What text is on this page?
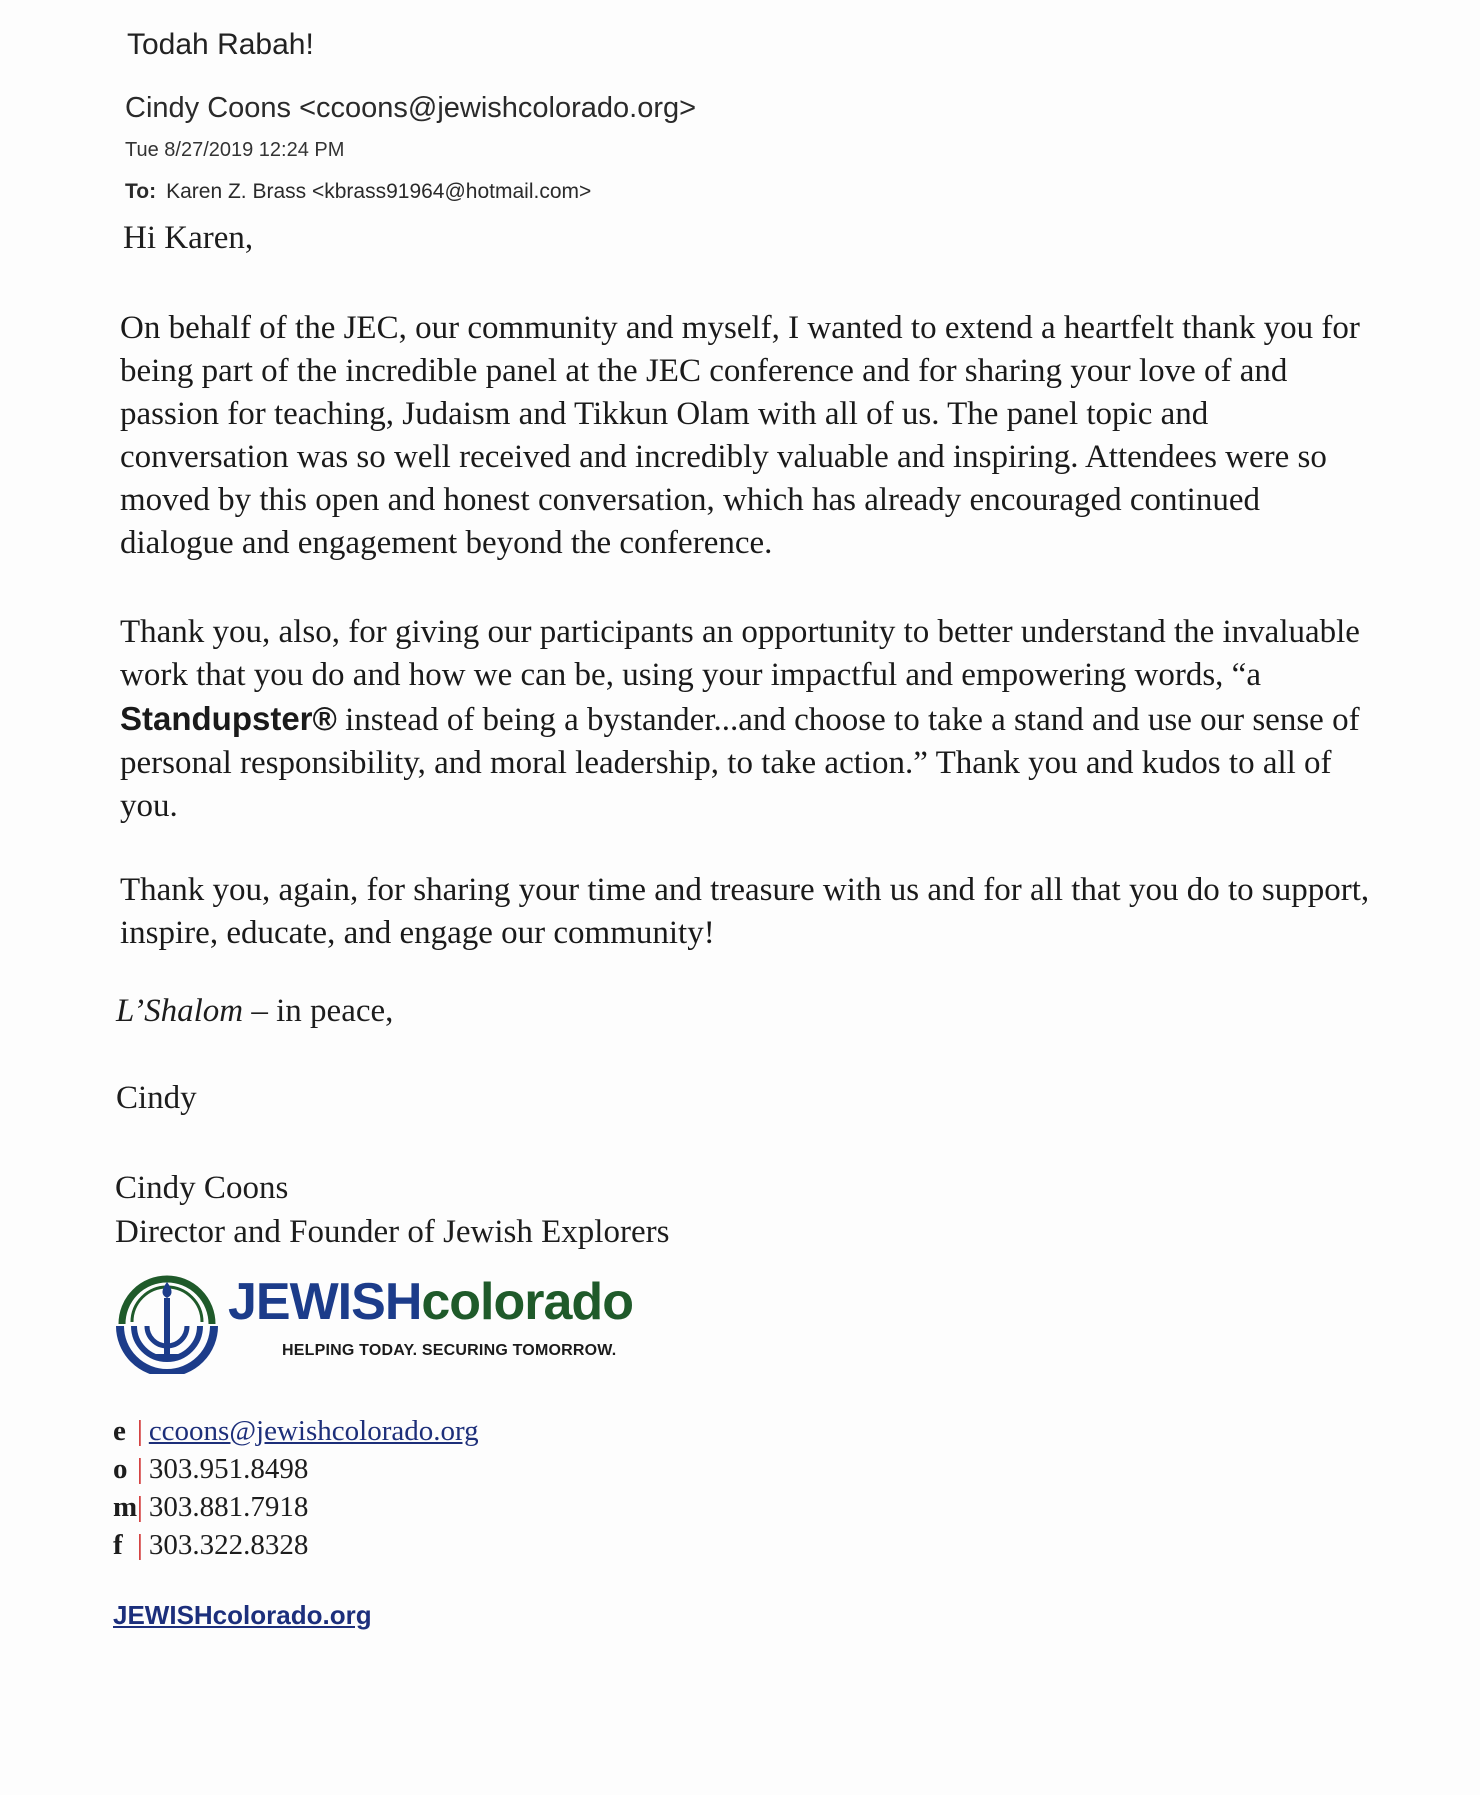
Todah Rabah!
Cindy Coons <ccoons@jewishcolorado.org>
Tue 8/27/2019 12:24 PM
To: Karen Z. Brass <kbrass91964@hotmail.com>
Hi Karen,
On behalf of the JEC, our community and myself, I wanted to extend a heartfelt thank you for being part of the incredible panel at the JEC conference and for sharing your love of and passion for teaching, Judaism and Tikkun Olam with all of us. The panel topic and conversation was so well received and incredibly valuable and inspiring. Attendees were so moved by this open and honest conversation, which has already encouraged continued dialogue and engagement beyond the conference.
Thank you, also, for giving our participants an opportunity to better understand the invaluable work that you do and how we can be, using your impactful and empowering words, “a Standupster® instead of being a bystander...and choose to take a stand and use our sense of personal responsibility, and moral leadership, to take action.” Thank you and kudos to all of you.
Thank you, again, for sharing your time and treasure with us and for all that you do to support, inspire, educate, and engage our community!
L’Shalom – in peace,
Cindy
Cindy Coons
Director and Founder of Jewish Explorers
JEWISHcolorado
HELPING TODAY. SECURING TOMORROW.
e | ccoons@jewishcolorado.org
o | 303.951.8498
m| 303.881.7918
f | 303.322.8328
JEWISHcolorado.org
